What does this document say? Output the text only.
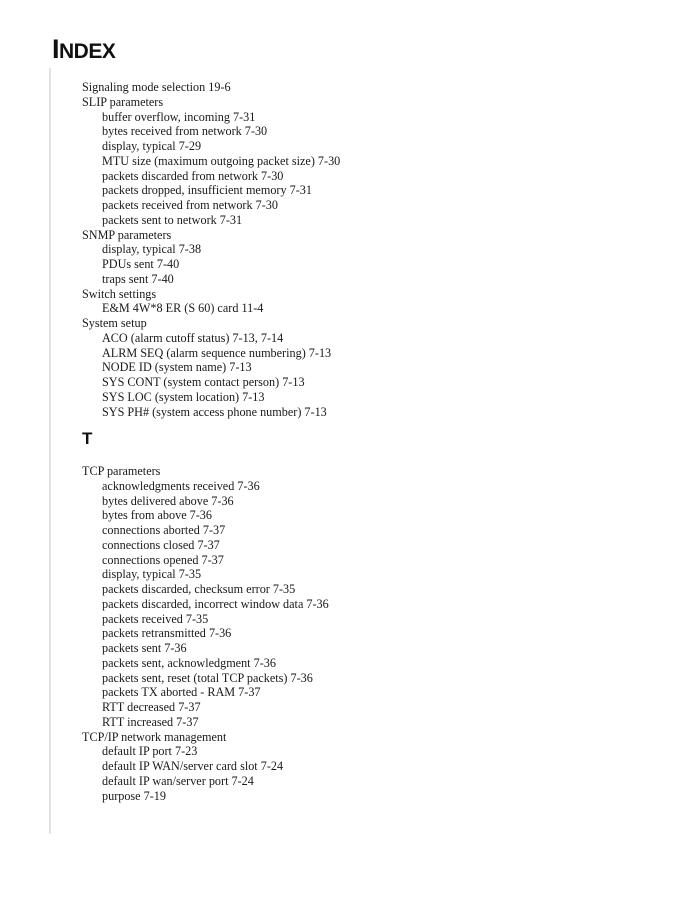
INDEX
Signaling mode selection 19-6
SLIP parameters
buffer overflow, incoming 7-31
bytes received from network 7-30
display, typical 7-29
MTU size (maximum outgoing packet size) 7-30
packets discarded from network 7-30
packets dropped, insufficient memory 7-31
packets received from network 7-30
packets sent to network 7-31
SNMP parameters
display, typical 7-38
PDUs sent 7-40
traps sent 7-40
Switch settings
E&M 4W*8 ER (S 60) card 11-4
System setup
ACO (alarm cutoff status) 7-13, 7-14
ALRM SEQ (alarm sequence numbering) 7-13
NODE ID (system name) 7-13
SYS CONT (system contact person) 7-13
SYS LOC (system location) 7-13
SYS PH# (system access phone number) 7-13
T
TCP parameters
acknowledgments received 7-36
bytes delivered above 7-36
bytes from above 7-36
connections aborted 7-37
connections closed 7-37
connections opened 7-37
display, typical 7-35
packets discarded, checksum error 7-35
packets discarded, incorrect window data 7-36
packets received 7-35
packets retransmitted 7-36
packets sent 7-36
packets sent, acknowledgment 7-36
packets sent, reset (total TCP packets) 7-36
packets TX aborted - RAM 7-37
RTT decreased 7-37
RTT increased 7-37
TCP/IP network management
default IP port 7-23
default IP WAN/server card slot 7-24
default IP wan/server port 7-24
purpose 7-19
